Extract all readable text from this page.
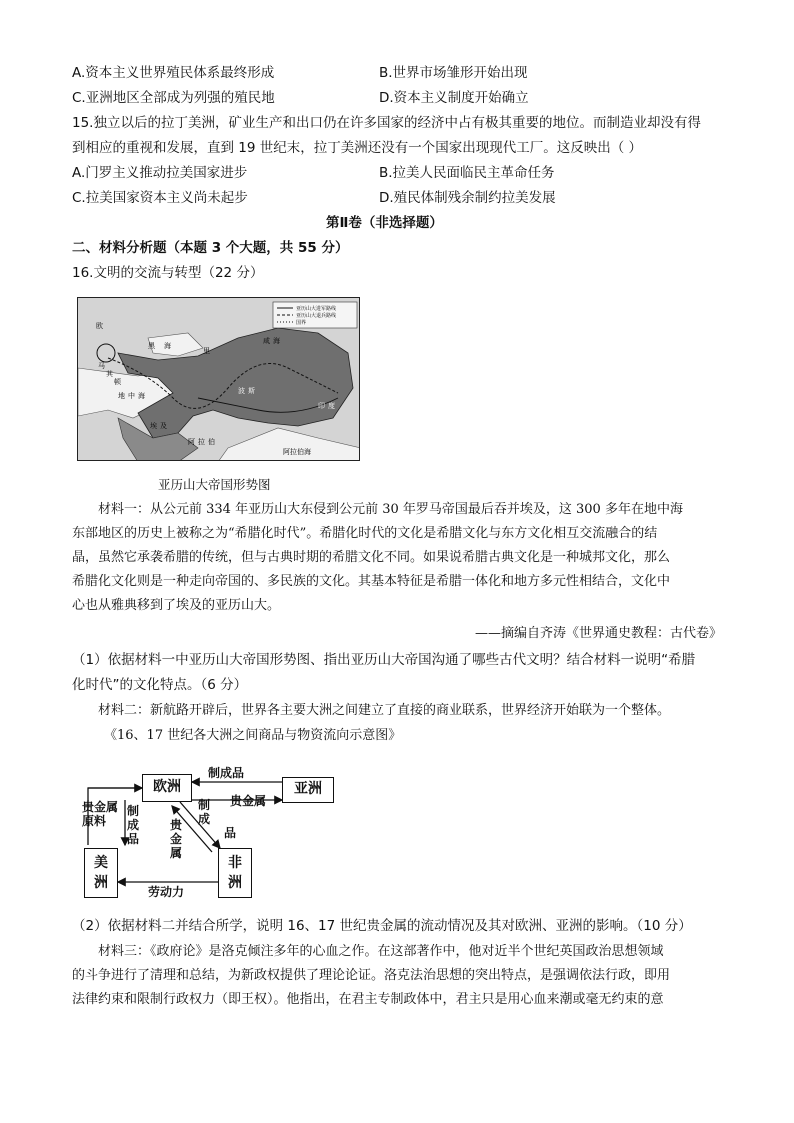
A.资本主义世界殖民体系最终形成	B.世界市场雏形开始出现
C.亚洲地区全部成为列强的殖民地	D.资本主义制度开始确立
15.独立以后的拉丁美洲，矿业生产和出口仍在许多国家的经济中占有极其重要的地位。而制造业却没有得
到相应的重视和发展，直到 19 世纪末，拉丁美洲还没有一个国家出现现代工厂。这反映出（ ）
A.门罗主义推动拉美国家进步	B.拉美人民面临民主革命任务
C.拉美国家资本主义尚未起步	D.殖民体制残余制约拉美发展
第Ⅱ卷（非选择题）
二、材料分析题（本题 3 个大题，共 55 分）
16.文明的交流与转型（22 分）
亚历山大进军路线
亚历山大退兵路线
国界
欧
黑 海
马
其
顿
地 中 海
埃 及
阿 拉 伯
阿拉伯海
波 斯
印 度
里
咸 海
亚历山大帝国形势图
材料一：从公元前 334 年亚历山大东侵到公元前 30 年罗马帝国最后吞并埃及，这 300 多年在地中海
东部地区的历史上被称之为“希腊化时代”。希腊化时代的文化是希腊文化与东方文化相互交流融合的结
晶，虽然它承袭希腊的传统，但与古典时期的希腊文化不同。如果说希腊古典文化是一种城邦文化，那么
希腊化文化则是一种走向帝国的、多民族的文化。其基本特征是希腊一体化和地方多元性相结合，文化中
心也从雅典移到了埃及的亚历山大。
——摘编自齐涛《世界通史教程：古代卷》
（1）依据材料一中亚历山大帝国形势图、指出亚历山大帝国沟通了哪些古代文明？结合材料一说明“希腊
化时代”的文化特点。（6 分）
材料二：新航路开辟后，世界各主要大洲之间建立了直接的商业联系，世界经济开始联为一个整体。
《16、17 世纪各大洲之间商品与物资流向示意图》
欧洲	亚洲
美
洲
非
洲
制成品
贵金属
贵金属
原料
制
成
品
贵
金
属
制
成
品
劳动力
（2）依据材料二并结合所学，说明 16、17 世纪贵金属的流动情况及其对欧洲、亚洲的影响。（10 分）
材料三：《政府论》是洛克倾注多年的心血之作。在这部著作中，他对近半个世纪英国政治思想领域
的斗争进行了清理和总结，为新政权提供了理论论证。洛克法治思想的突出特点，是强调依法行政，即用
法律约束和限制行政权力（即王权）。他指出，在君主专制政体中，君主只是用心血来潮或毫无约束的意
